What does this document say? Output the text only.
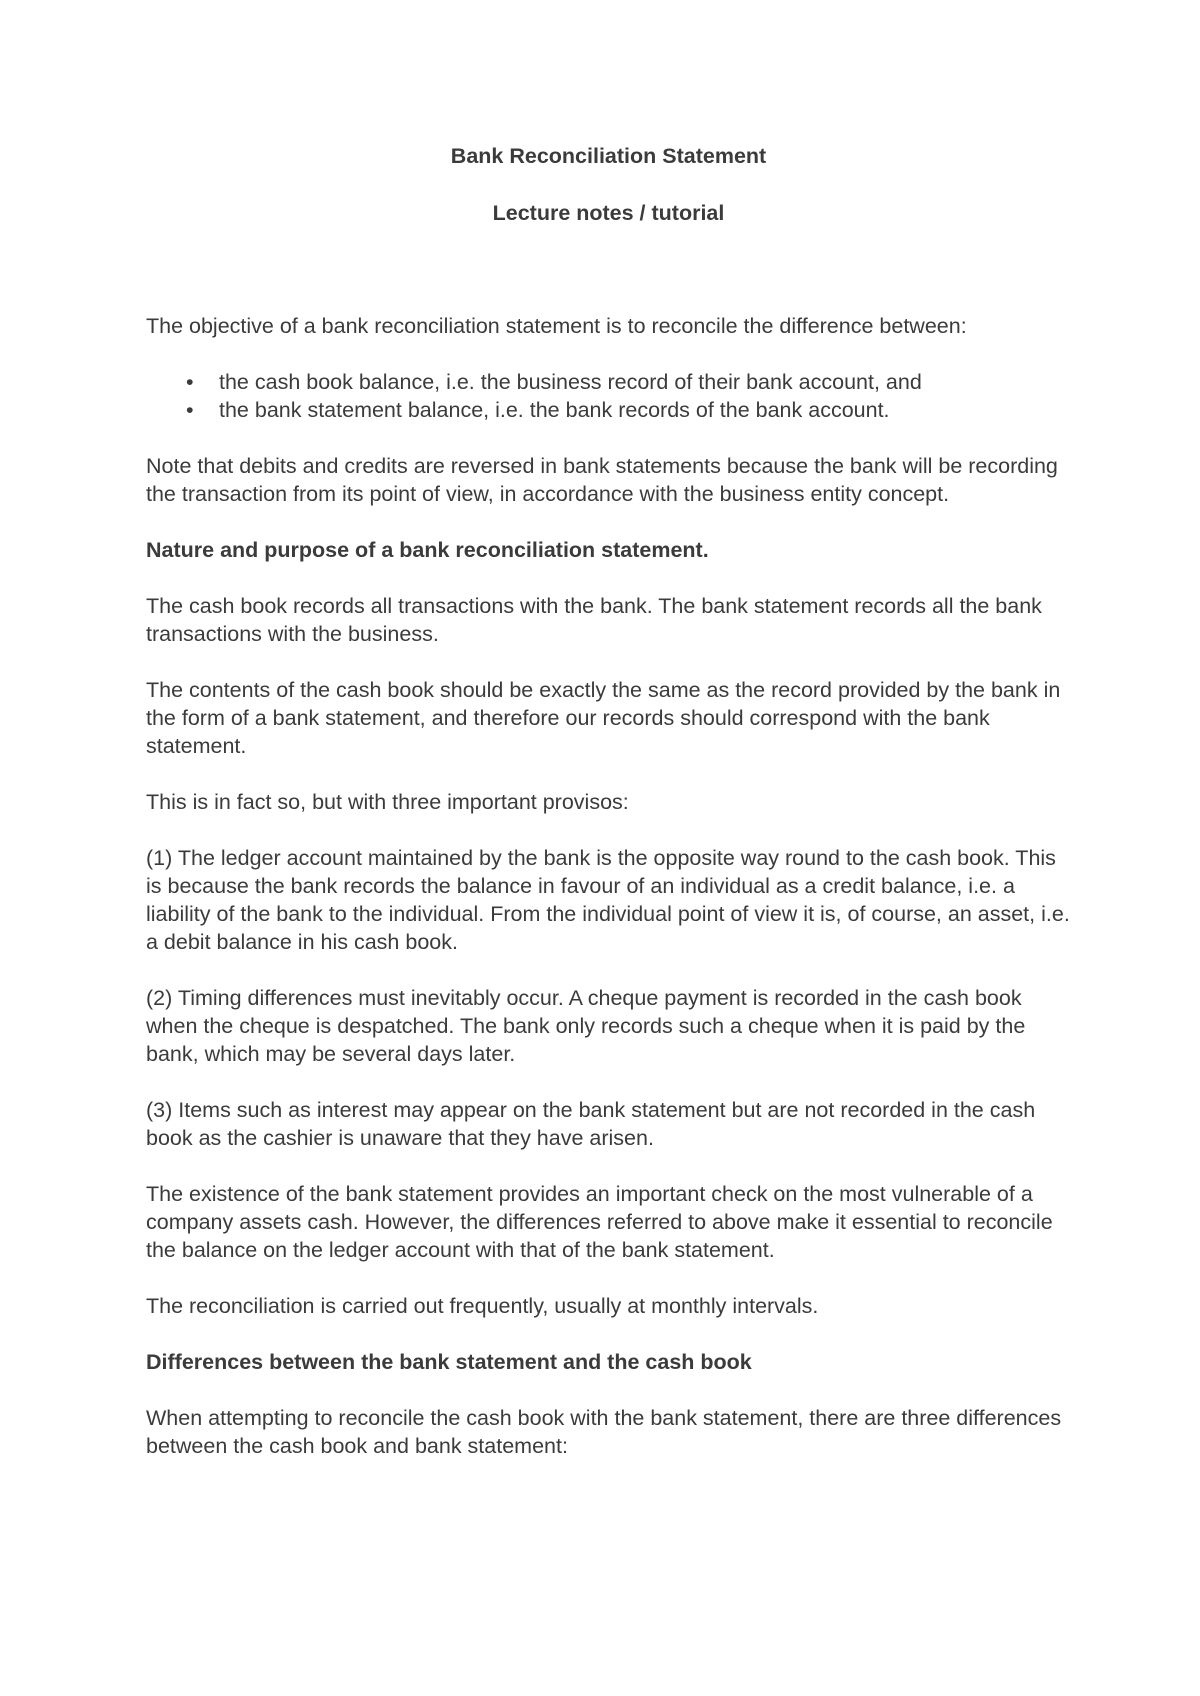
Bank Reconciliation Statement

Lecture notes / tutorial

The objective of a bank reconciliation statement is to reconcile the difference between:

• the cash book balance, i.e. the business record of their bank account, and
• the bank statement balance, i.e. the bank records of the bank account.

Note that debits and credits are reversed in bank statements because the bank will be recording the transaction from its point of view, in accordance with the business entity concept.

Nature and purpose of a bank reconciliation statement.

The cash book records all transactions with the bank. The bank statement records all the bank transactions with the business.

The contents of the cash book should be exactly the same as the record provided by the bank in the form of a bank statement, and therefore our records should correspond with the bank statement.

This is in fact so, but with three important provisos:

(1) The ledger account maintained by the bank is the opposite way round to the cash book. This is because the bank records the balance in favour of an individual as a credit balance, i.e. a liability of the bank to the individual. From the individual point of view it is, of course, an asset, i.e. a debit balance in his cash book.

(2) Timing differences must inevitably occur. A cheque payment is recorded in the cash book when the cheque is despatched. The bank only records such a cheque when it is paid by the bank, which may be several days later.

(3) Items such as interest may appear on the bank statement but are not recorded in the cash book as the cashier is unaware that they have arisen.

The existence of the bank statement provides an important check on the most vulnerable of a company assets cash. However, the differences referred to above make it essential to reconcile the balance on the ledger account with that of the bank statement.

The reconciliation is carried out frequently, usually at monthly intervals.

Differences between the bank statement and the cash book

When attempting to reconcile the cash book with the bank statement, there are three differences between the cash book and bank statement:
